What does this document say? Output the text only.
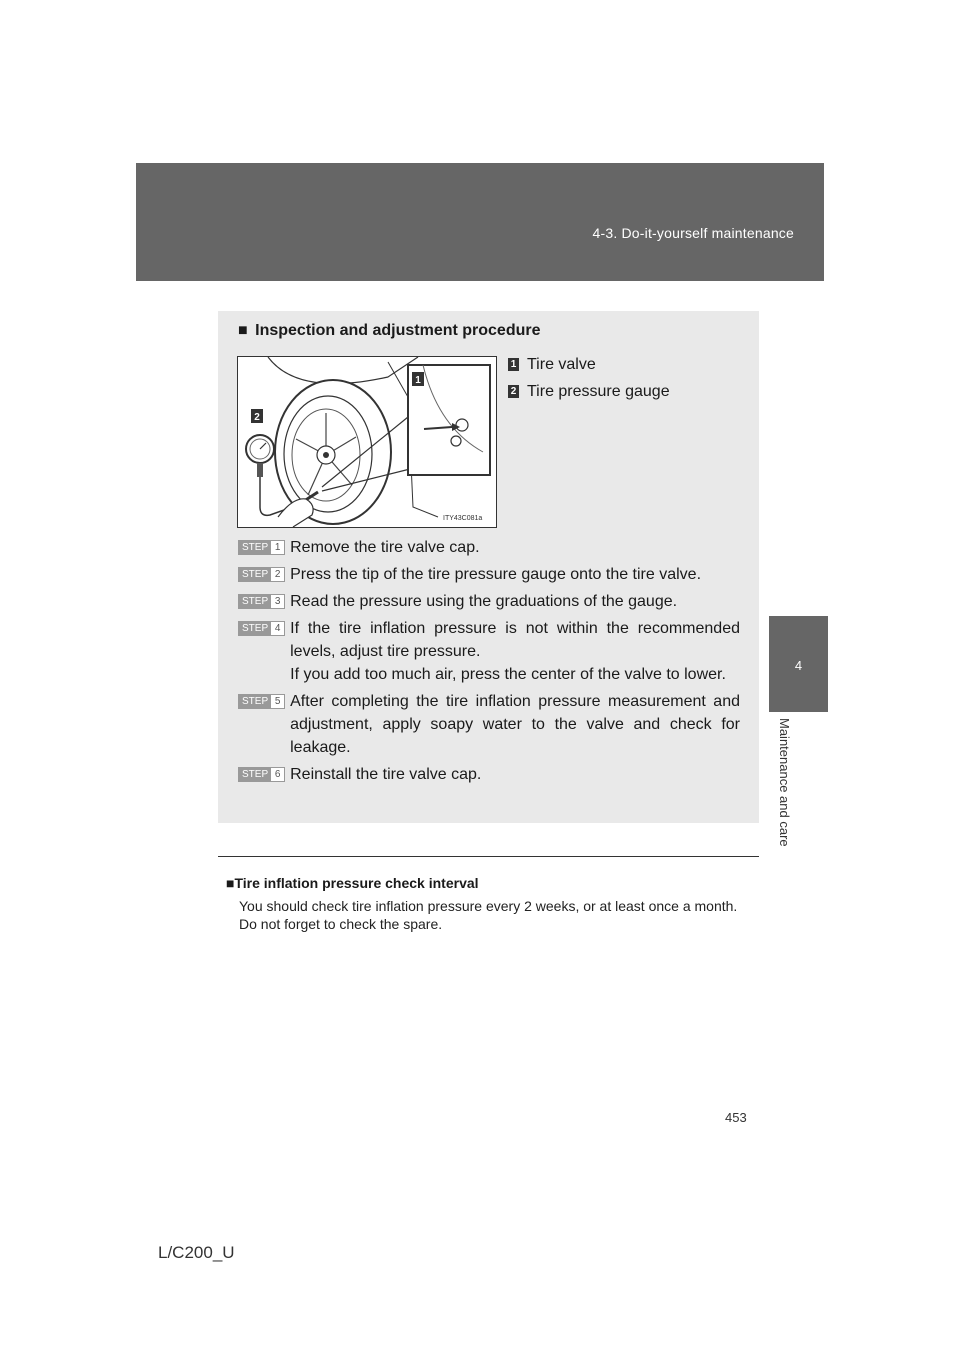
4-3. Do-it-yourself maintenance
4
Maintenance and care
■ Inspection and adjustment procedure
1
2
ITY43C081a
1 Tire valve
2 Tire pressure gauge
STEP 1 Remove the tire valve cap.
STEP 2 Press the tip of the tire pressure gauge onto the tire valve.
STEP 3 Read the pressure using the graduations of the gauge.
STEP 4 If the tire inflation pressure is not within the recommended levels, adjust tire pressure.
If you add too much air, press the center of the valve to lower.
STEP 5 After completing the tire inflation pressure measurement and adjustment, apply soapy water to the valve and check for leakage.
STEP 6 Reinstall the tire valve cap.
■Tire inflation pressure check interval
You should check tire inflation pressure every 2 weeks, or at least once a month.
Do not forget to check the spare.
453
L/C200_U
